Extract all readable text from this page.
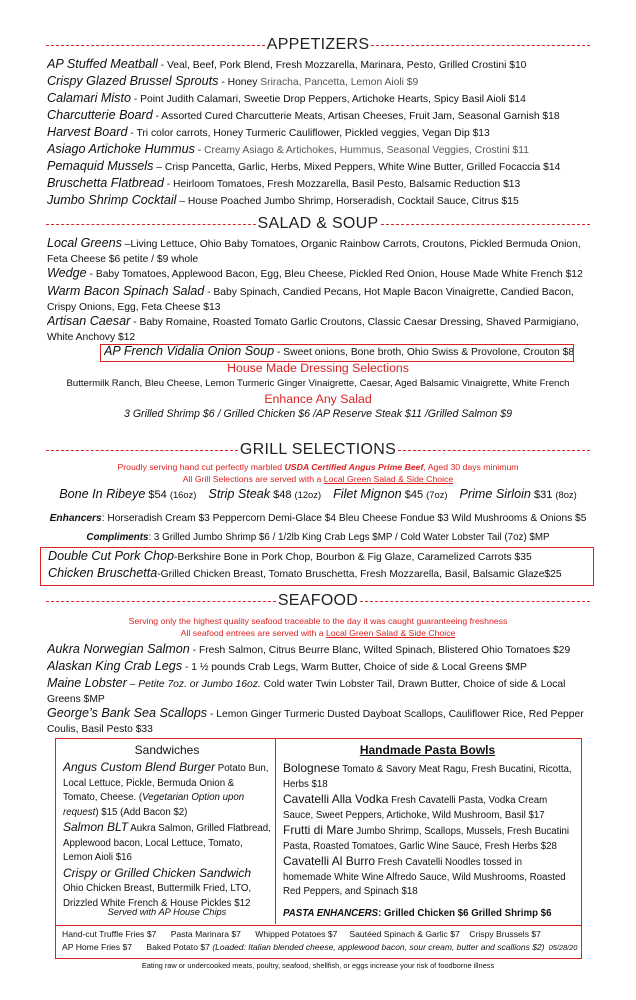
APPETIZERS
AP Stuffed Meatball - Veal, Beef, Pork Blend, Fresh Mozzarella, Marinara, Pesto, Grilled Crostini $10
Crispy Glazed Brussel Sprouts - Honey Sriracha, Pancetta, Lemon Aioli $9
Calamari Misto - Point Judith Calamari, Sweetie Drop Peppers, Artichoke Hearts, Spicy Basil Aioli $14
Charcutterie Board - Assorted Cured Charcutterie Meats, Artisan Cheeses, Fruit Jam, Seasonal Garnish $18
Harvest Board - Tri color carrots, Honey Turmeric Cauliflower, Pickled veggies, Vegan Dip $13
Asiago Artichoke Hummus - Creamy Asiago & Artichokes, Hummus, Seasonal Veggies, Crostini $11
Pemaquid Mussels – Crisp Pancetta, Garlic, Herbs, Mixed Peppers, White Wine Butter, Grilled Focaccia $14
Bruschetta Flatbread - Heirloom Tomatoes, Fresh Mozzarella, Basil Pesto, Balsamic Reduction $13
Jumbo Shrimp Cocktail – House Poached Jumbo Shrimp, Horseradish, Cocktail Sauce, Citrus $15
SALAD & SOUP
Local Greens –Living Lettuce, Ohio Baby Tomatoes, Organic Rainbow Carrots, Croutons, Pickled Bermuda Onion, Feta Cheese $6 petite / $9 whole
Wedge - Baby Tomatoes, Applewood Bacon, Egg, Bleu Cheese, Pickled Red Onion, House Made White French $12
Warm Bacon Spinach Salad - Baby Spinach, Candied Pecans, Hot Maple Bacon Vinaigrette, Candied Bacon, Crispy Onions, Egg, Feta Cheese $13
Artisan Caesar - Baby Romaine, Roasted Tomato Garlic Croutons, Classic Caesar Dressing, Shaved Parmigiano, White Anchovy $12
AP French Vidalia Onion Soup - Sweet onions, Bone broth, Ohio Swiss & Provolone, Crouton $8
House Made Dressing Selections
Buttermilk Ranch, Bleu Cheese, Lemon Turmeric Ginger Vinaigrette, Caesar, Aged Balsamic Vinaigrette, White French
Enhance Any Salad
3 Grilled Shrimp $6 / Grilled Chicken $6 /AP Reserve Steak $11 /Grilled Salmon $9
GRILL SELECTIONS
Proudly serving hand cut perfectly marbled USDA Certified Angus Prime Beef, Aged 30 days minimum
All Grill Selections are served with a Local Green Salad & Side Choice
Bone In Ribeye $54 (16oz) Strip Steak $48 (12oz) Filet Mignon $45 (7oz) Prime Sirloin $31 (8oz)
Enhancers: Horseradish Cream $3 Peppercorn Demi-Glace $4 Bleu Cheese Fondue $3 Wild Mushrooms & Onions $5
Compliments: 3 Grilled Jumbo Shrimp $6 / 1/2lb King Crab Legs $MP / Cold Water Lobster Tail (7oz) $MP
Double Cut Pork Chop-Berkshire Bone in Pork Chop, Bourbon & Fig Glaze, Caramelized Carrots $35
Chicken Bruschetta-Grilled Chicken Breast, Tomato Bruschetta, Fresh Mozzarella, Basil, Balsamic Glaze$25
SEAFOOD
Serving only the highest quality seafood traceable to the day it was caught guaranteeing freshness
All seafood entrees are served with a Local Green Salad & Side Choice
Aukra Norwegian Salmon - Fresh Salmon, Citrus Beurre Blanc, Wilted Spinach, Blistered Ohio Tomatoes $29
Alaskan King Crab Legs - 1 ½ pounds Crab Legs, Warm Butter, Choice of side & Local Greens $MP
Maine Lobster – Petite 7oz. or Jumbo 16oz. Cold water Twin Lobster Tail, Drawn Butter, Choice of side & Local Greens $MP
George’s Bank Sea Scallops - Lemon Ginger Turmeric Dusted Dayboat Scallops, Cauliflower Rice, Red Pepper Coulis, Basil Pesto $33
Sandwiches
Angus Custom Blend Burger Potato Bun, Local Lettuce, Pickle, Bermuda Onion & Tomato, Cheese. (Vegetarian Option upon request) $15 (Add Bacon $2)
Salmon BLT Aukra Salmon, Grilled Flatbread, Applewood bacon, Local Lettuce, Tomato, Lemon Aioli $16
Crispy or Grilled Chicken Sandwich Ohio Chicken Breast, Buttermilk Fried, LTO, Drizzled White French & House Pickles $12
Served with AP House Chips
Handmade Pasta Bowls
Bolognese Tomato & Savory Meat Ragu, Fresh Bucatini, Ricotta, Herbs $18
Cavatelli Alla Vodka Fresh Cavatelli Pasta, Vodka Cream Sauce, Sweet Peppers, Artichoke, Wild Mushroom, Basil $17
Frutti di Mare Jumbo Shrimp, Scallops, Mussels, Fresh Bucatini Pasta, Roasted Tomatoes, Garlic Wine Sauce, Fresh Herbs $28
Cavatelli Al Burro Fresh Cavatelli Noodles tossed in homemade White Wine Alfredo Sauce, Wild Mushrooms, Roasted Red Peppers, and Spinach $18
PASTA ENHANCERS: Grilled Chicken $6 Grilled Shrimp $6
Hand-cut Truffle Fries $7      Pasta Marinara $7      Whipped Potatoes $7     Sautéed Spinach & Garlic $7    Crispy Brussels $7
AP Home Fries $7      Baked Potato $7 (Loaded: Italian blended cheese, applewood bacon, sour cream, butter and scallions $2)  05/28/20
Eating raw or undercooked meats, poultry, seafood, shellfish, or eggs increase your risk of foodborne illness
